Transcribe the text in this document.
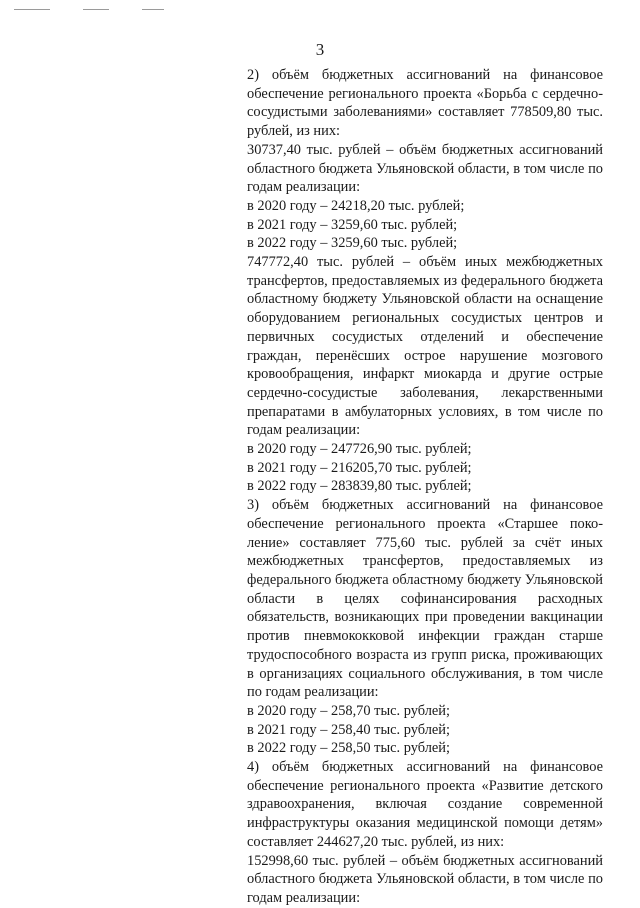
3

2) объём бюджетных ассигнований на финансовое обеспечение регионального проекта «Борьба с сердечно-сосудистыми заболеваниями» составляет 778509,80 тыс. рублей, из них:

30737,40 тыс. рублей – объём бюджетных ассигнований областного бюджета Ульяновской области, в том числе по годам реализации:

в 2020 году – 24218,20 тыс. рублей;

в 2021 году – 3259,60 тыс. рублей;

в 2022 году – 3259,60 тыс. рублей;

747772,40 тыс. рублей – объём иных межбюджетных трансфертов, предоставляемых из федерального бюджета областному бюджету Ульяновской области на оснащение оборудованием региональных сосудистых центров и первичных сосудистых отделений и обеспечение граждан, перенёсших острое нарушение мозгового кровообращения, инфаркт миокарда и другие острые сердечно-сосудистые заболевания, лекарственными препаратами в амбулаторных условиях, в том числе по годам реализации:

в 2020 году – 247726,90 тыс. рублей;

в 2021 году – 216205,70 тыс. рублей;

в 2022 году – 283839,80 тыс. рублей;

3) объём бюджетных ассигнований на финансовое обеспечение регионального проекта «Старшее поколение» составляет 775,60 тыс. рублей за счёт иных межбюджетных трансфертов, предоставляемых из федерального бюджета областному бюджету Ульяновской области в целях софинансирования расходных обязательств, возникающих при проведении вакцинации против пневмококковой инфекции граждан старше трудоспособного возраста из групп риска, проживающих в организациях социального обслуживания, в том числе по годам реализации:

в 2020 году – 258,70 тыс. рублей;

в 2021 году – 258,40 тыс. рублей;

в 2022 году – 258,50 тыс. рублей;

4) объём бюджетных ассигнований на финансовое обеспечение регионального проекта «Развитие детского здравоохранения, включая создание современной инфраструктуры оказания медицинской помощи детям» составляет 244627,20 тыс. рублей, из них:

152998,60 тыс. рублей – объём бюджетных ассигнований областного бюджета Ульяновской области, в том числе по годам реализации:
